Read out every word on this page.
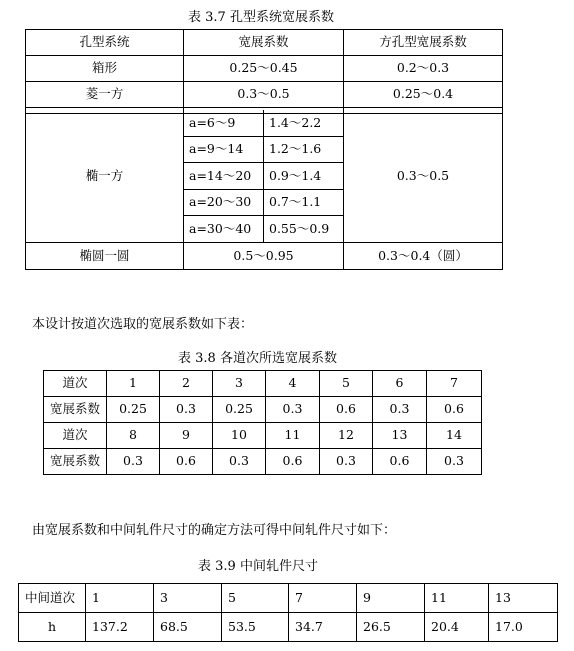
表 3.7 孔型系统宽展系数
孔型系统	宽展系数	方孔型宽展系数
箱形	0.25～0.45	0.2～0.3
菱一方	0.3～0.5	0.25～0.4

椭一方	a=6～9	1.4～2.2	0.3～0.5
	a=9～14	1.2～1.6	
	a=14～20	0.9～1.4	
	a=20～30	0.7～1.1	
	a=30～40	0.55～0.9	
椭圆一圆	0.5～0.95		0.3～0.4（圆）
本设计按道次选取的宽展系数如下表：
表 3.8 各道次所选宽展系数
道次	1	2	3	4	5	6	7
宽展系数	0.25	0.3	0.25	0.3	0.6	0.3	0.6
道次	8	9	10	11	12	13	14
宽展系数	0.3	0.6	0.3	0.6	0.3	0.6	0.3
由宽展系数和中间轧件尺寸的确定方法可得中间轧件尺寸如下：
表 3.9 中间轧件尺寸
中间道次	1	3	5	7	9	11	13
h	137.2	68.5	53.5	34.7	26.5	20.4	17.0
